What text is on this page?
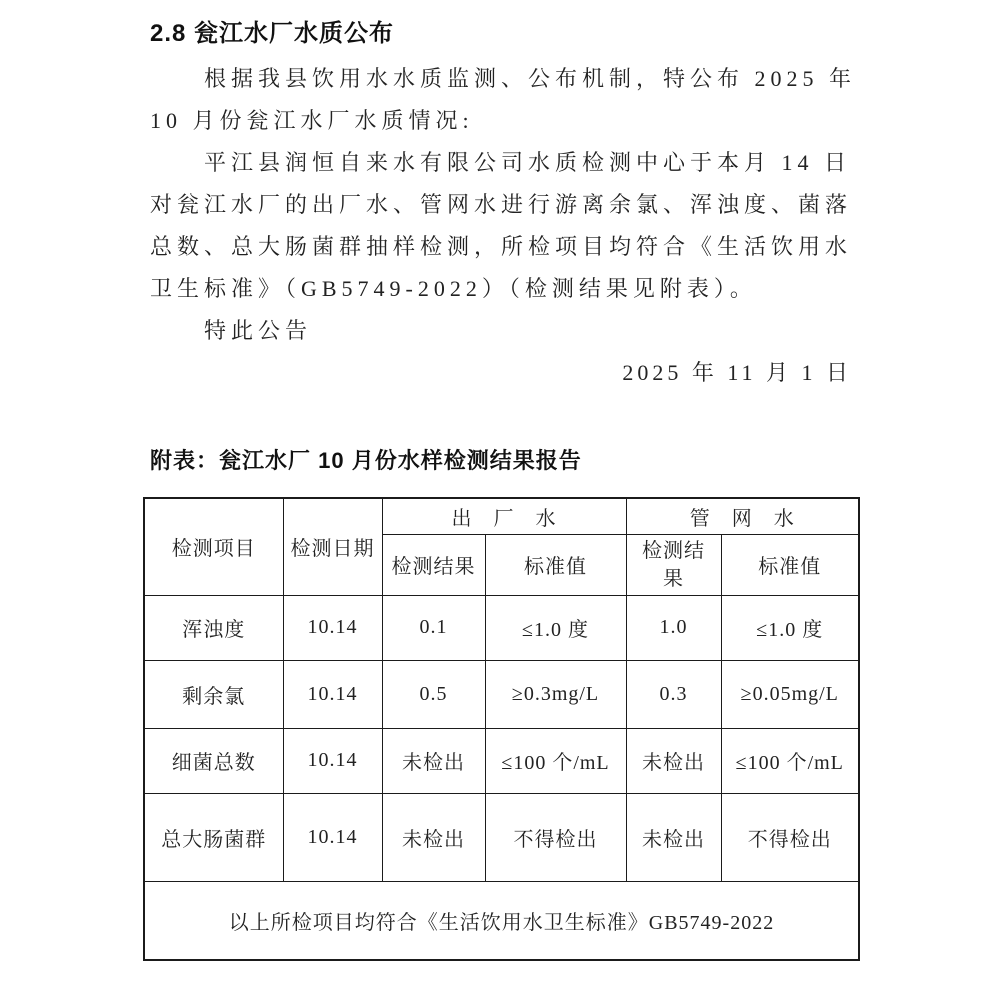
2.8 瓮江水厂水质公布
根据我县饮用水水质监测、公布机制，特公布 2025 年
10 月份瓮江水厂水质情况:
平江县润恒自来水有限公司水质检测中心于本月 14 日
对瓮江水厂的出厂水、管网水进行游离余氯、浑浊度、菌落
总数、总大肠菌群抽样检测，所检项目均符合《生活饮用水
卫生标准》（GB5749-2022）（检测结果见附表）。
特此公告
2025 年 11 月 1 日
附表：瓮江水厂 10 月份水样检测结果报告
检测项目	检测日期	出　厂　水		管　网　水	
		检测结果	标准值	检测结果	标准值
浑浊度	10.14	0.1	≤1.0 度	1.0	≤1.0 度
剩余氯	10.14	0.5	≥0.3mg/L	0.3	≥0.05mg/L
细菌总数	10.14	未检出	≤100 个/mL	未检出	≤100 个/mL
总大肠菌群	10.14	未检出	不得检出	未检出	不得检出
以上所检项目均符合《生活饮用水卫生标准》GB5749-2022					
